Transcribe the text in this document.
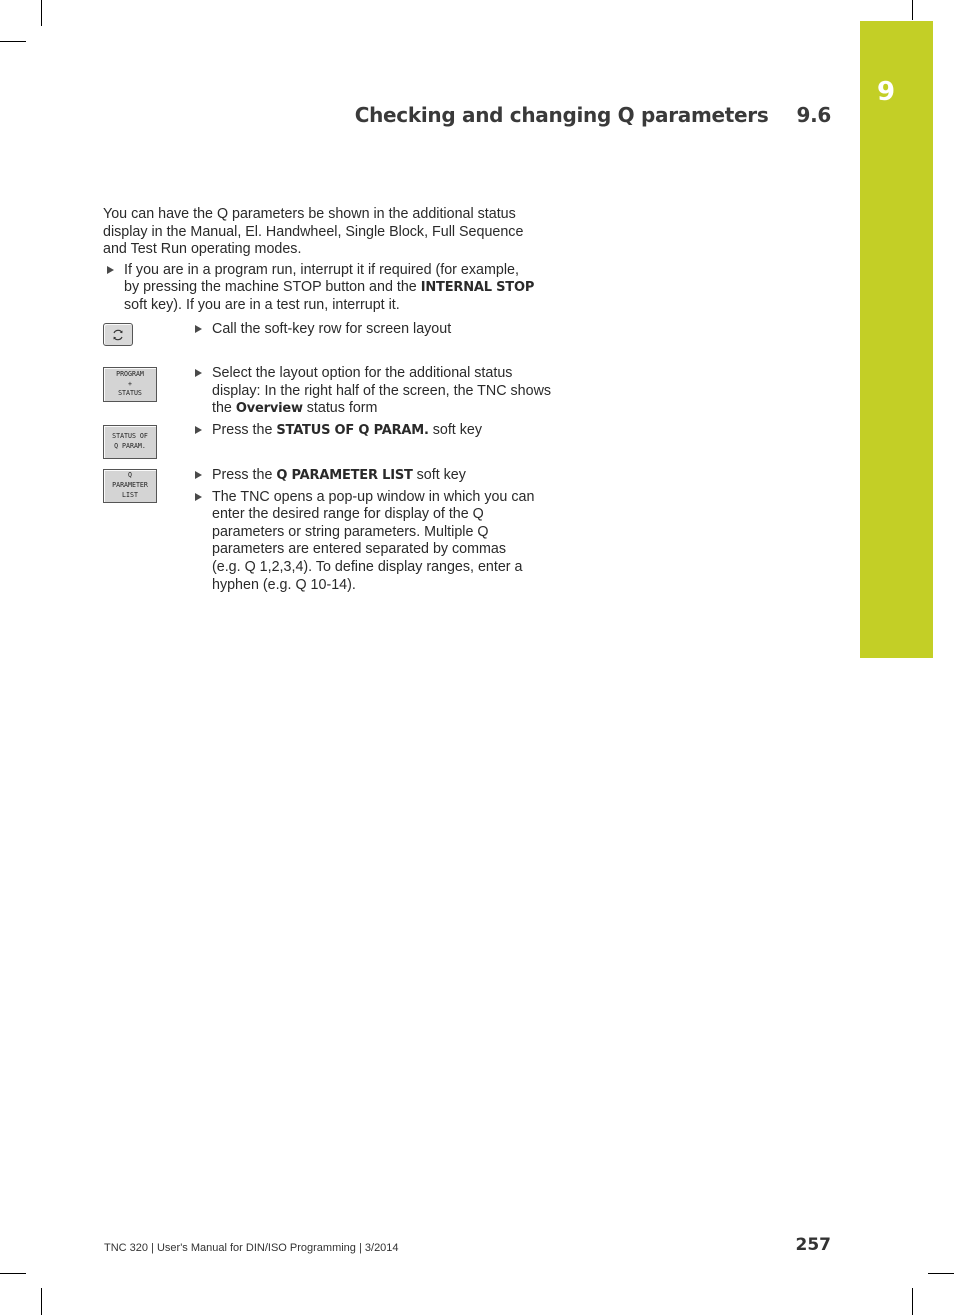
9
Checking and changing Q parameters 9.6

You can have the Q parameters be shown in the additional status display in the Manual, El. Handwheel, Single Block, Full Sequence and Test Run operating modes.

If you are in a program run, interrupt it if required (for example, by pressing the machine STOP button and the INTERNAL STOP soft key). If you are in a test run, interrupt it.

Call the soft-key row for screen layout
PROGRAM
+
STATUS
Select the layout option for the additional status display: In the right half of the screen, the TNC shows the Overview status form
STATUS OF
Q PARAM.
Press the STATUS OF Q PARAM. soft key
Q
PARAMETER
LIST

Press the Q PARAMETER LIST soft key

The TNC opens a pop-up window in which you can enter the desired range for display of the Q parameters or string parameters. Multiple Q parameters are entered separated by commas (e.g. Q 1,2,3,4). To define display ranges, enter a hyphen (e.g. Q 10-14).

TNC 320 | User's Manual for DIN/ISO Programming | 3/2014	257
